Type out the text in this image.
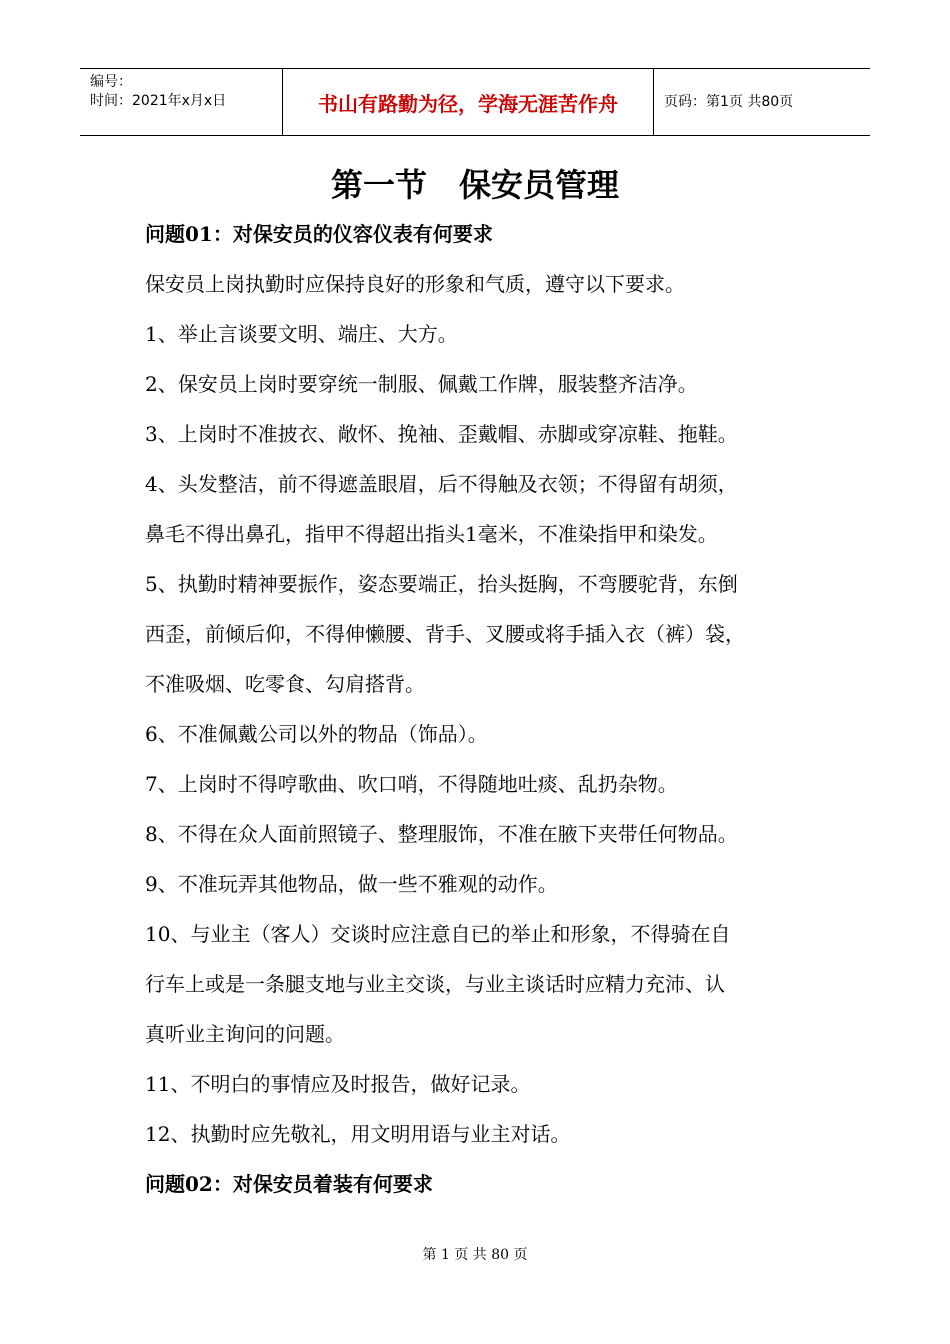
编号：
时间：2021年x月x日	书山有路勤为径，学海无涯苦作舟	页码：第1页 共80页
第一节　保安员管理
问题01：对保安员的仪容仪表有何要求
保安员上岗执勤时应保持良好的形象和气质，遵守以下要求。
1、举止言谈要文明、端庄、大方。
2、保安员上岗时要穿统一制服、佩戴工作牌，服装整齐洁净。
3、上岗时不准披衣、敞怀、挽袖、歪戴帽、赤脚或穿凉鞋、拖鞋。
4、头发整洁，前不得遮盖眼眉，后不得触及衣领；不得留有胡须，
鼻毛不得出鼻孔，指甲不得超出指头1毫米，不准染指甲和染发。
5、执勤时精神要振作，姿态要端正，抬头挺胸，不弯腰驼背，东倒
西歪，前倾后仰，不得伸懒腰、背手、叉腰或将手插入衣（裤）袋，
不准吸烟、吃零食、勾肩搭背。
6、不准佩戴公司以外的物品（饰品）。
7、上岗时不得哼歌曲、吹口哨，不得随地吐痰、乱扔杂物。
8、不得在众人面前照镜子、整理服饰，不准在腋下夹带任何物品。
9、不准玩弄其他物品，做一些不雅观的动作。
10、与业主（客人）交谈时应注意自已的举止和形象，不得骑在自
行车上或是一条腿支地与业主交谈，与业主谈话时应精力充沛、认
真听业主询问的问题。
11、不明白的事情应及时报告，做好记录。
12、执勤时应先敬礼，用文明用语与业主对话。
问题02：对保安员着装有何要求
第 1 页 共 80 页
